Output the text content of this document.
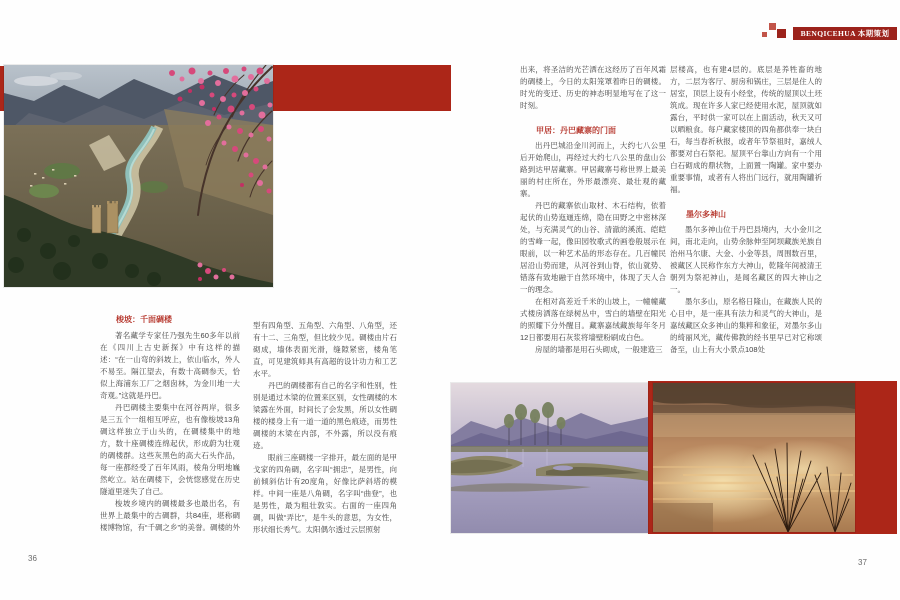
BENQICEHUA 本期策划
梭坡：千面碉楼

著名藏学专家任乃强先生60多年以前在《四川上古史新探》中有这样的描述：“在一山弯的斜坡上，依山临水，外人不易至。隔江望去，有数十高碉参天，恰似上海浦东工厂之烟囱林，为金川地一大奇观。”这就是丹巴。

丹巴碉楼主要集中在河谷两岸，很多是三五个一组相互呼应，也有像梭坡13角碉这样独立于山头的，在碉楼集中的地方，数十座碉楼连绵起伏，形成蔚为壮观的碉楼群。这些灰黑色的高大石头作品，每一座都经受了百年风雨，棱角分明地巍然屹立。站在碉楼下，会恍惚感觉在历史隧道里迷失了自己。

梭坡乡境内的碉楼最多也最出名，有世界上最集中的古碉群，共84座，堪称碉楼博物馆，有“千碉之乡”的美誉。碉楼的外

型有四角型、五角型、六角型、八角型，还有十二、三角型，但比较少见。碉楼由片石砌成，墙体表面光滑，缝隙紧密，楼角笔直，可见建筑师具有高超的设计功力和工艺水平。

丹巴的碉楼都有自己的名字和性别，性别是通过木梁的位置来区别，女性碉楼的木梁露在外面，时间长了会发黑，所以女性碉楼的楼身上有一道一道的黑色痕迹，而男性碉楼的木梁在内部，不外露，所以没有痕迹。

眼前三座碉楼一字排开，最左面的是甲戈家的四角碉，名字叫“拥忠”，是男性，向前倾斜估计有20度角，好像比萨斜塔的模样。中间一座是八角碉，名字叫“曲登”，也是男性，最为粗壮敦实。右面的一座四角碉，叫做“弄比”，是牛头的意思，为女性，形状细长秀气。太阳偶尔透过云层照射

出来，将圣洁的光芒洒在这经历了百年风霜的碉楼上，今日的太阳笼罩着昨日的碉楼。时光的变迁、历史的神态明显地写在了这一时刻。

甲居：丹巴藏寨的门面

出丹巴城沿金川河而上，大约七八公里后开始爬山，再经过大约七八公里的盘山公路到达甲居藏寨。甲居藏寨号称世界上最美丽的村庄所在，外形最漂亮、最壮观的藏寨。

丹巴的藏寨依山取材、木石结构，依着起伏的山势迤逦连绵，隐在田野之中密林深处，与充满灵气的山谷、清澈的溪流、皑皑的雪峰一起，像田园牧歌式的画卷般展示在眼前，以一种艺术品的形态存在。几百幢民居沿山势而建，从河谷到山脊，依山就势、错落有致地融于自然环境中，体现了天人合一的理念。

在相对高差近千米的山坡上，一幢幢藏式楼房洒落在绿树丛中，雪白的墙壁在阳光的照耀下分外醒目。藏寨嘉绒藏族每年冬月12日都要用石灰浆将墙壁粉刷成白色。

房屋的墙都是用石头砌成，一般建造三

层楼高，也有建4层的。底层是养牲畜的地方，二层为客厅、厨房和锅庄，三层是住人的居室，顶层上设有小经堂，传统的屋顶以土坯筑成。现在许多人家已经使用水泥，屋顶就如露台，平时供一家可以在上面活动，秋天又可以晒粮食。每户藏家楼顶的四角都供奉一块白石，每当春祈秋报，或者年节祭祖时，嘉绒人都要对白石祭祀。屋顶平台靠山方向有一个用白石砌成的鼎状物，上面置一陶罐。家中要办重要事情，或者有人将出门远行，就用陶罐祈福。

墨尔多神山

墨尔多神山位于丹巴县境内，大小金川之间，南北走向，山势余脉伸至阿坝藏族羌族自治州马尔康、大金、小金等县，周围数百里，被藏区人民称作东方大神山，乾隆年间被清王朝列为祭祀神山，是闻名藏区的四大神山之一。

墨尔多山，原名格日隆山，在藏族人民的心目中，是一座具有法力和灵气的大神山，是嘉绒藏区众多神山的集粹和象征，对墨尔多山的绮丽风光，藏传佛教的经书里早已对它称颂备至，山上有大小景点108处

36	37
